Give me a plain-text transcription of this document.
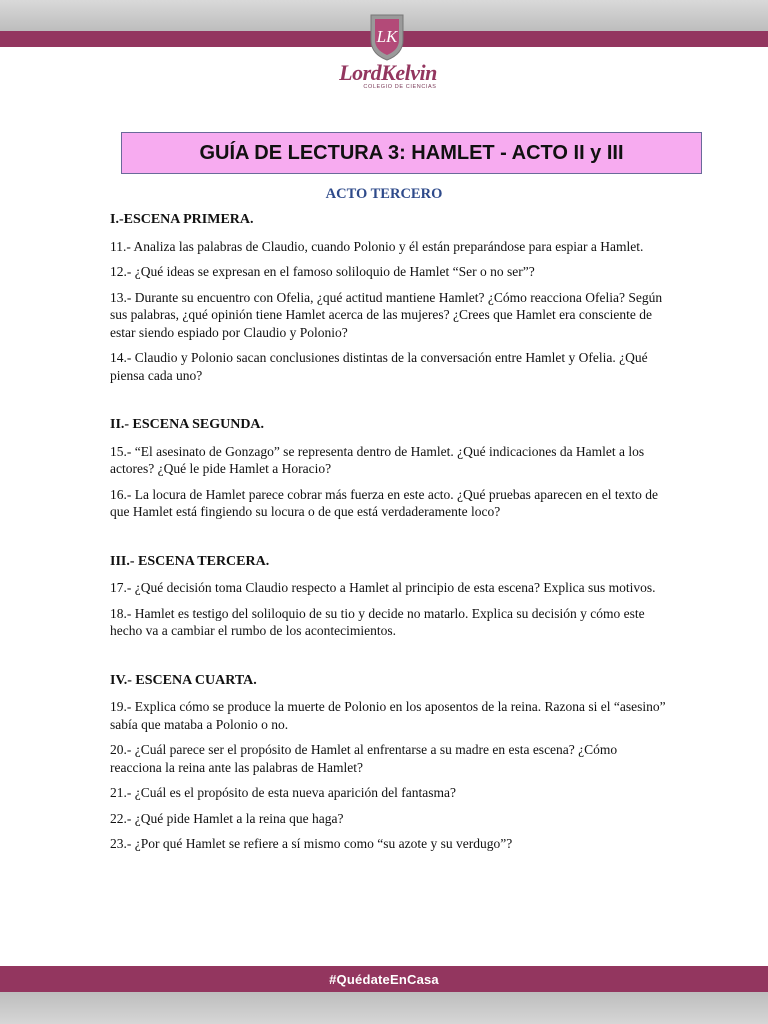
LK
LordKelvin
COLEGIO DE CIENCIAS
GUÍA DE LECTURA 3: HAMLET - ACTO II y III
ACTO TERCERO
I.-ESCENA PRIMERA.
11.- Analiza las palabras de Claudio, cuando Polonio y él están preparándose para espiar a Hamlet.
12.- ¿Qué ideas se expresan en el famoso soliloquio de Hamlet “Ser o no ser”?
13.- Durante su encuentro con Ofelia, ¿qué actitud mantiene Hamlet? ¿Cómo reacciona Ofelia? Según sus palabras, ¿qué opinión tiene Hamlet acerca de las mujeres? ¿Crees que Hamlet era consciente de estar siendo espiado por Claudio y Polonio?
14.- Claudio y Polonio sacan conclusiones distintas de la conversación entre Hamlet y Ofelia. ¿Qué piensa cada uno?
II.- ESCENA SEGUNDA.
15.- “El asesinato de Gonzago” se representa dentro de Hamlet. ¿Qué indicaciones da Hamlet a los actores? ¿Qué le pide Hamlet a Horacio?
16.- La locura de Hamlet parece cobrar más fuerza en este acto. ¿Qué pruebas aparecen en el texto de que Hamlet está fingiendo su locura o de que está verdaderamente loco?
III.- ESCENA TERCERA.
17.- ¿Qué decisión toma Claudio respecto a Hamlet al principio de esta escena? Explica sus motivos.
18.- Hamlet es testigo del soliloquio de su tio y decide no matarlo. Explica su decisión y cómo este hecho va a cambiar el rumbo de los acontecimientos.
IV.- ESCENA CUARTA.
19.- Explica cómo se produce la muerte de Polonio en los aposentos de la reina. Razona si el “asesino” sabía que mataba a Polonio o no.
20.- ¿Cuál parece ser el propósito de Hamlet al enfrentarse a su madre en esta escena? ¿Cómo reacciona la reina ante las palabras de Hamlet?
21.- ¿Cuál es el propósito de esta nueva aparición del fantasma?
22.- ¿Qué pide Hamlet a la reina que haga?
23.- ¿Por qué Hamlet se refiere a sí mismo como “su azote y su verdugo”?
#QuédateEnCasa
